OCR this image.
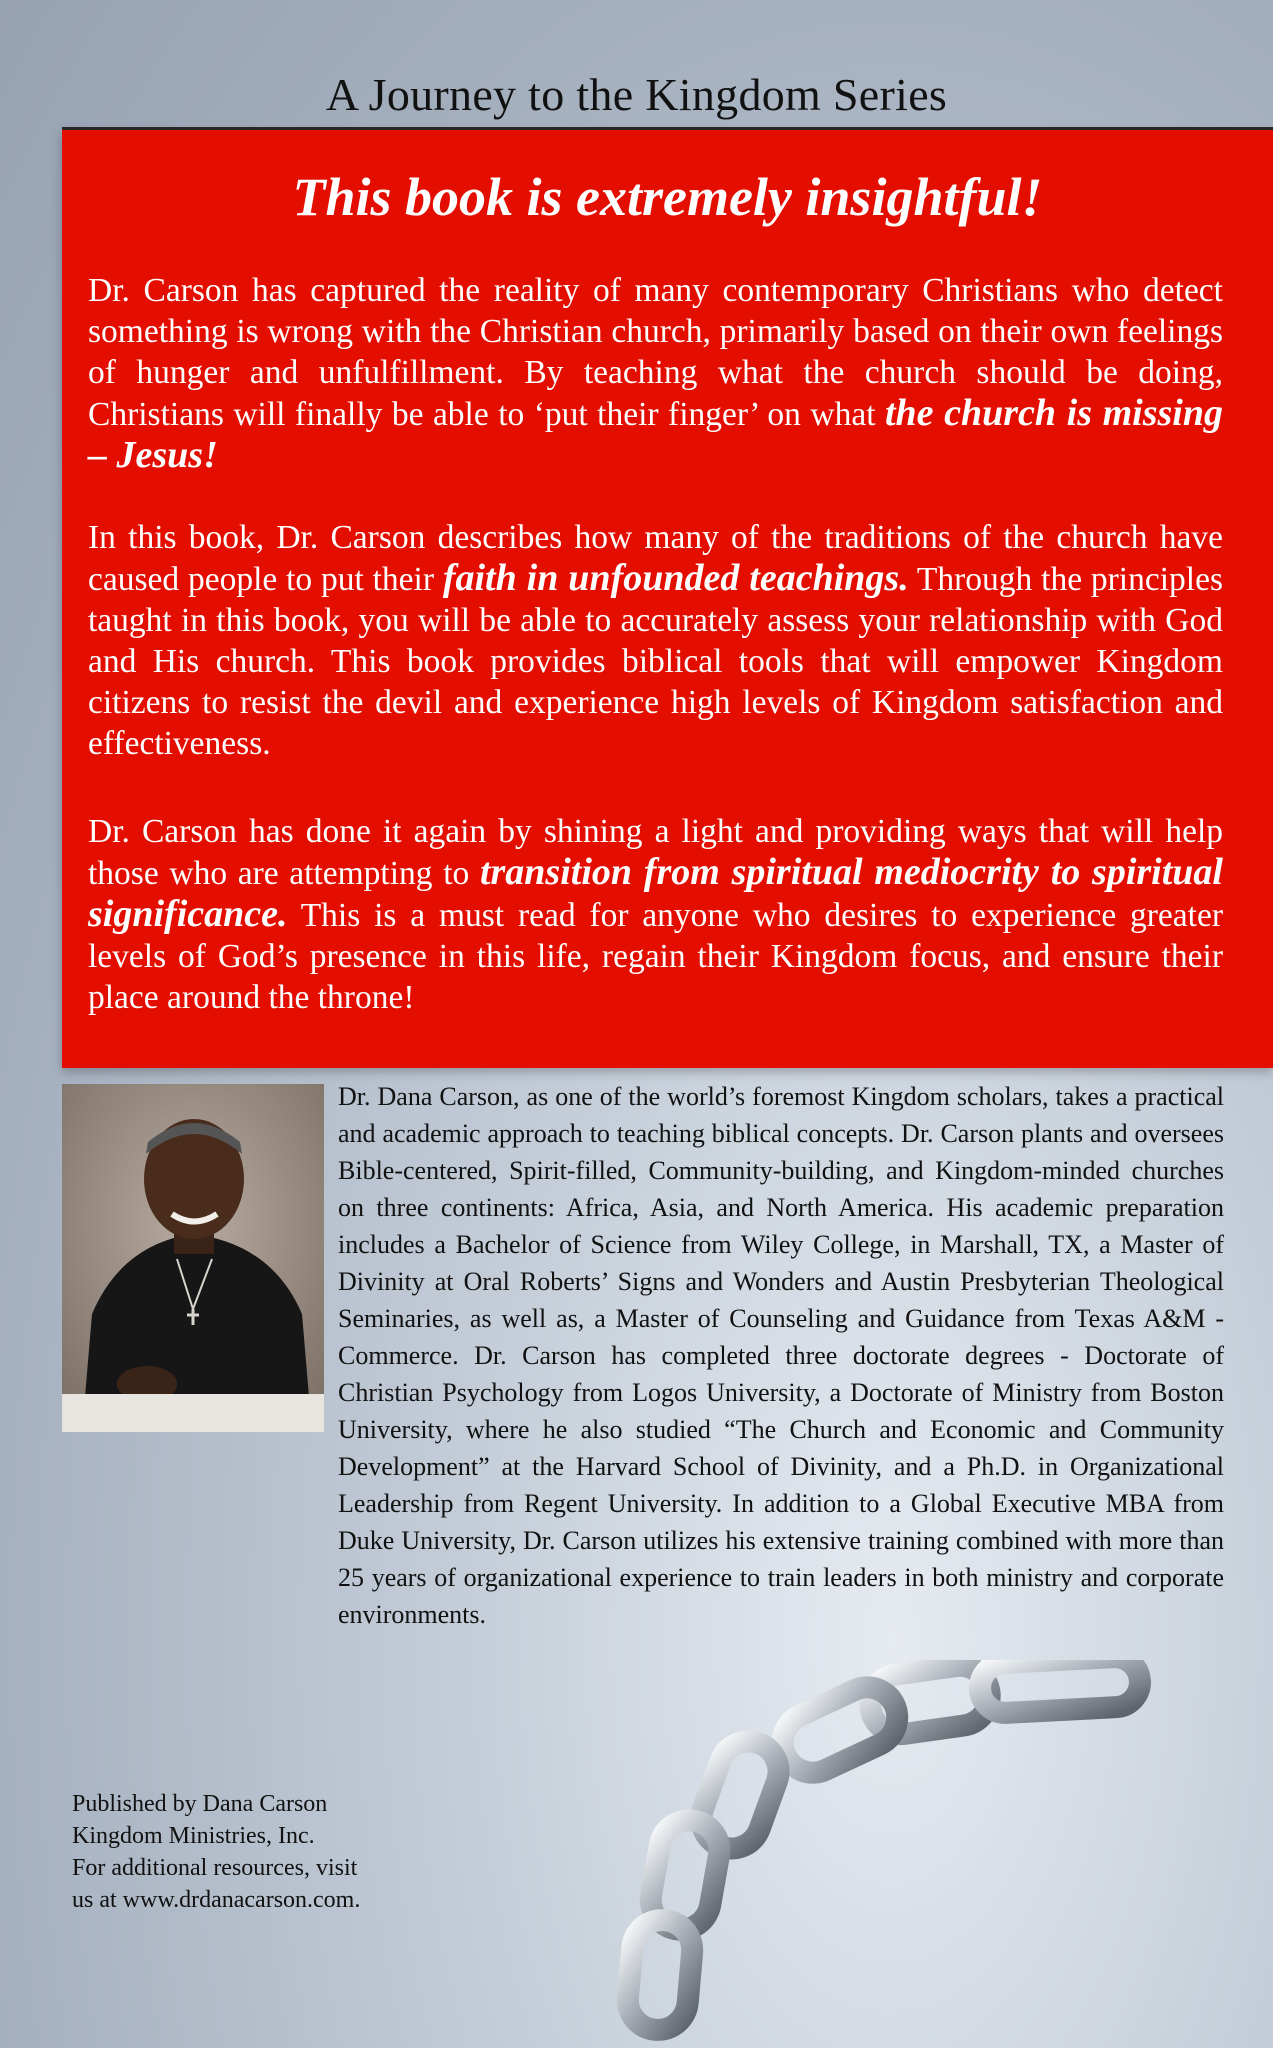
A Journey to the Kingdom Series
This book is extremely insightful!
Dr. Carson has captured the reality of many contemporary Christians who detect something is wrong with the Christian church, primarily based on their own feelings of hunger and unfulfillment. By teaching what the church should be doing, Christians will finally be able to ‘put their finger’ on what the church is missing – Jesus!
In this book, Dr. Carson describes how many of the traditions of the church have caused people to put their faith in unfounded teachings. Through the principles taught in this book, you will be able to accurately assess your relationship with God and His church. This book provides biblical tools that will empower Kingdom citizens to resist the devil and experience high levels of Kingdom satisfaction and effectiveness.
Dr. Carson has done it again by shining a light and providing ways that will help those who are attempting to transition from spiritual mediocrity to spiritual significance. This is a must read for anyone who desires to experience greater levels of God’s presence in this life, regain their Kingdom focus, and ensure their place around the throne!
Dr. Dana Carson, as one of the world’s foremost Kingdom scholars, takes a practical and academic approach to teaching biblical concepts. Dr. Carson plants and oversees Bible-centered, Spirit-filled, Community-building, and Kingdom-minded churches on three continents: Africa, Asia, and North America. His academic preparation includes a Bachelor of Science from Wiley College, in Marshall, TX, a Master of Divinity at Oral Roberts’ Signs and Wonders and Austin Presbyterian Theological Seminaries, as well as, a Master of Counseling and Guidance from Texas A&M - Commerce. Dr. Carson has completed three doctorate degrees - Doctorate of Christian Psychology from Logos University, a Doctorate of Ministry from Boston University, where he also studied “The Church and Economic and Community Development” at the Harvard School of Divinity, and a Ph.D. in Organizational Leadership from Regent University. In addition to a Global Executive MBA from Duke University, Dr. Carson utilizes his extensive training combined with more than 25 years of organizational experience to train leaders in both ministry and corporate environments.
Published by Dana Carson
Kingdom Ministries, Inc.
For additional resources, visit
us at www.drdanacarson.com.
